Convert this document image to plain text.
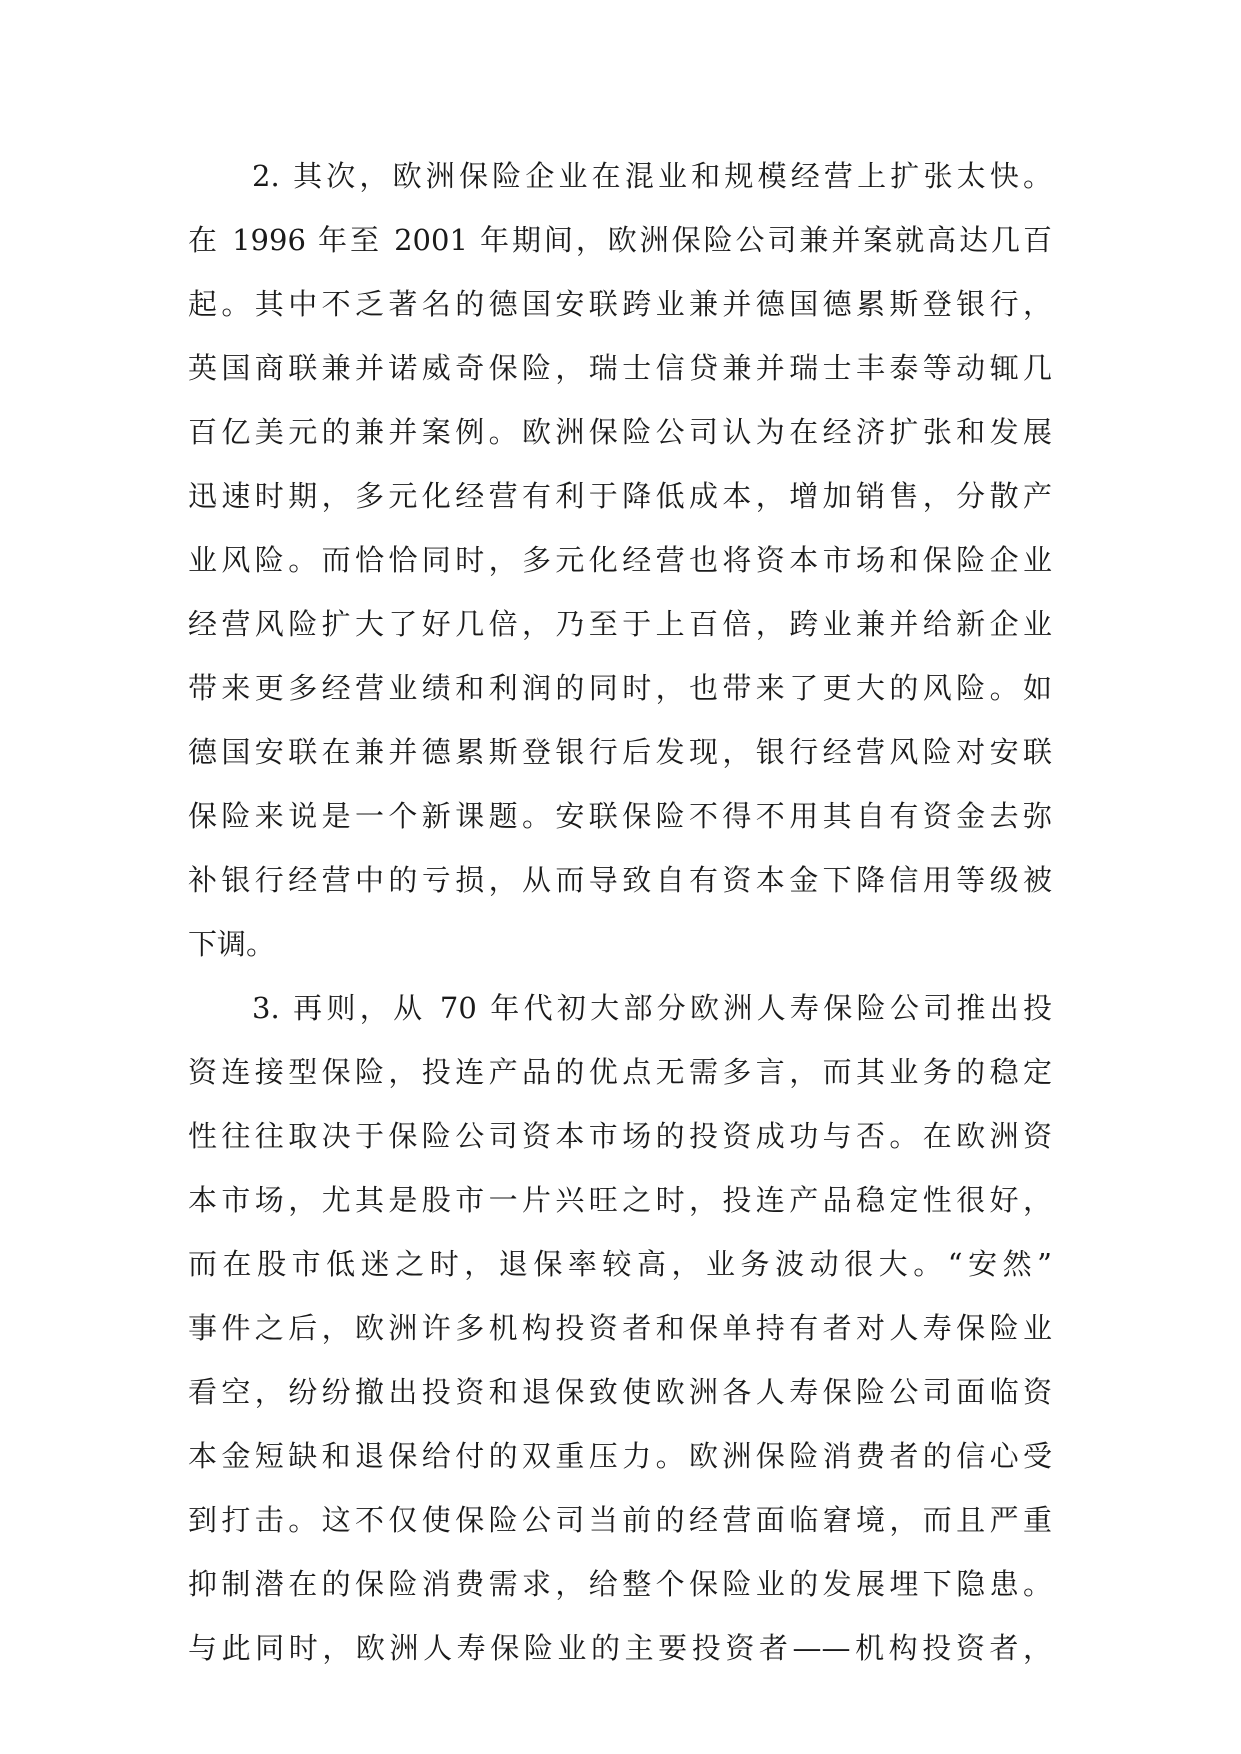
2. 其次，欧洲保险企业在混业和规模经营上扩张太快。
在 1996 年至 2001 年期间，欧洲保险公司兼并案就高达几百
起。其中不乏著名的德国安联跨业兼并德国德累斯登银行，
英国商联兼并诺威奇保险，瑞士信贷兼并瑞士丰泰等动辄几
百亿美元的兼并案例。欧洲保险公司认为在经济扩张和发展
迅速时期，多元化经营有利于降低成本，增加销售，分散产
业风险。而恰恰同时，多元化经营也将资本市场和保险企业
经营风险扩大了好几倍，乃至于上百倍，跨业兼并给新企业
带来更多经营业绩和利润的同时，也带来了更大的风险。如
德国安联在兼并德累斯登银行后发现，银行经营风险对安联
保险来说是一个新课题。安联保险不得不用其自有资金去弥
补银行经营中的亏损，从而导致自有资本金下降信用等级被
下调。
3. 再则，从 70 年代初大部分欧洲人寿保险公司推出投
资连接型保险，投连产品的优点无需多言，而其业务的稳定
性往往取决于保险公司资本市场的投资成功与否。在欧洲资
本市场，尤其是股市一片兴旺之时，投连产品稳定性很好，
而在股市低迷之时，退保率较高，业务波动很大。“安然”
事件之后，欧洲许多机构投资者和保单持有者对人寿保险业
看空，纷纷撤出投资和退保致使欧洲各人寿保险公司面临资
本金短缺和退保给付的双重压力。欧洲保险消费者的信心受
到打击。这不仅使保险公司当前的经营面临窘境，而且严重
抑制潜在的保险消费需求，给整个保险业的发展埋下隐患。
与此同时，欧洲人寿保险业的主要投资者——机构投资者，
